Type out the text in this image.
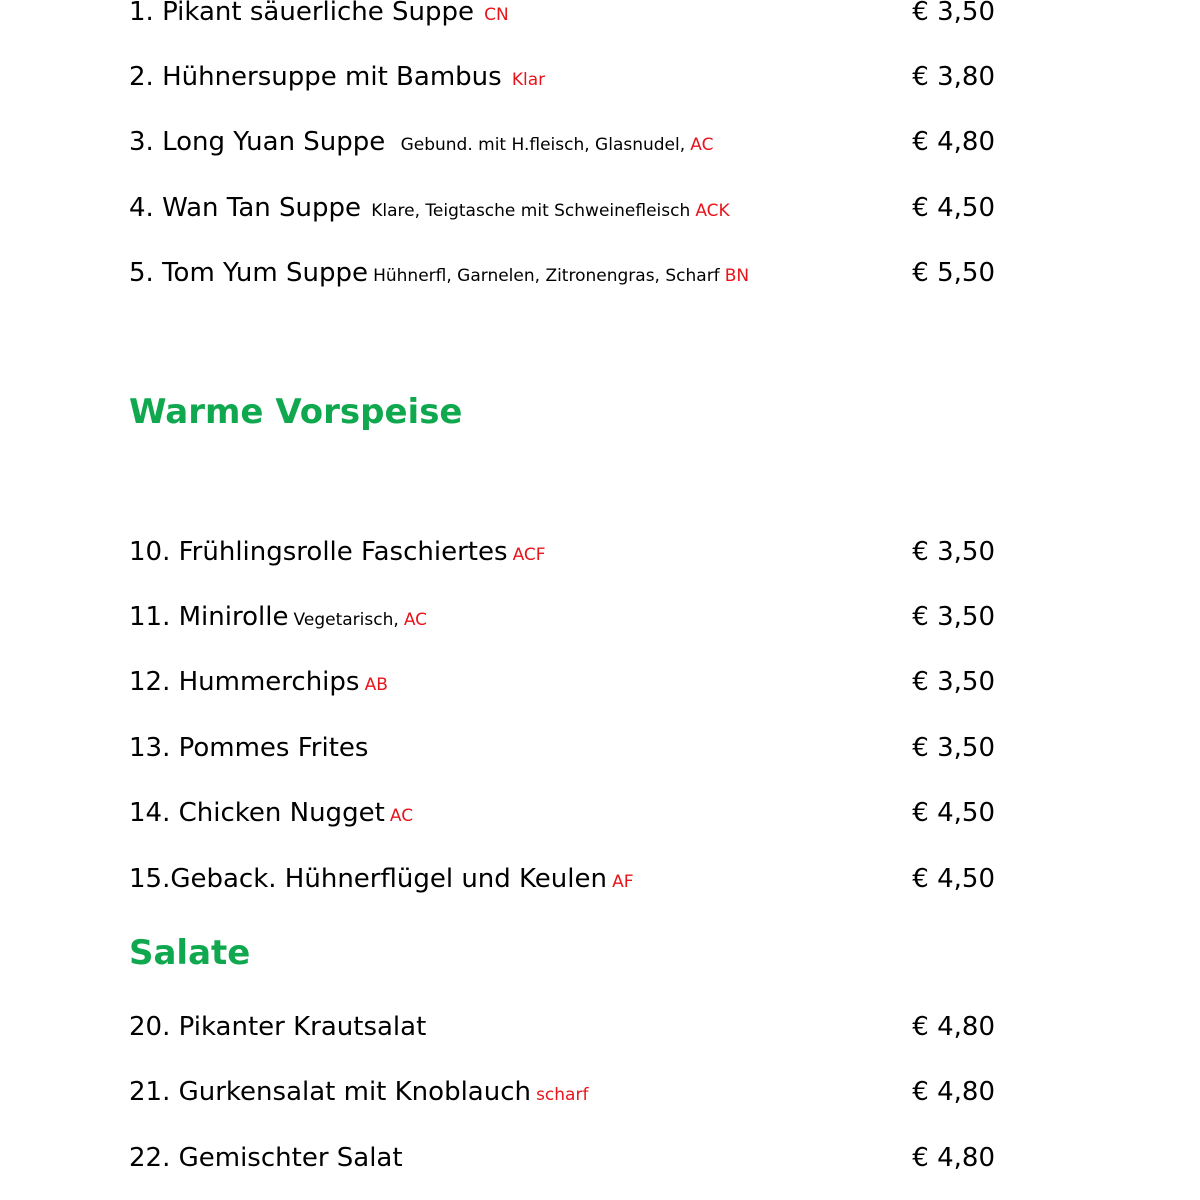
1. Pikant säuerliche Suppe CN	€ 3,50
2. Hühnersuppe mit Bambus Klar	€ 3,80
3. Long Yuan Suppe Gebund. mit H.fleisch, Glasnudel, AC	€ 4,80
4. Wan Tan Suppe Klare, Teigtasche mit Schweinefleisch ACK	€ 4,50
5. Tom Yum Suppe Hühnerfl, Garnelen, Zitronengras, Scharf BN	€ 5,50
Warme Vorspeise
10. Frühlingsrolle Faschiertes ACF	€ 3,50
11. Minirolle Vegetarisch, AC	€ 3,50
12. Hummerchips AB	€ 3,50
13. Pommes Frites	€ 3,50
14. Chicken Nugget AC	€ 4,50
15.Geback. Hühnerflügel und Keulen AF	€ 4,50
Salate
20. Pikanter Krautsalat	€ 4,80
21. Gurkensalat mit Knoblauch scharf	€ 4,80
22. Gemischter Salat	€ 4,80
